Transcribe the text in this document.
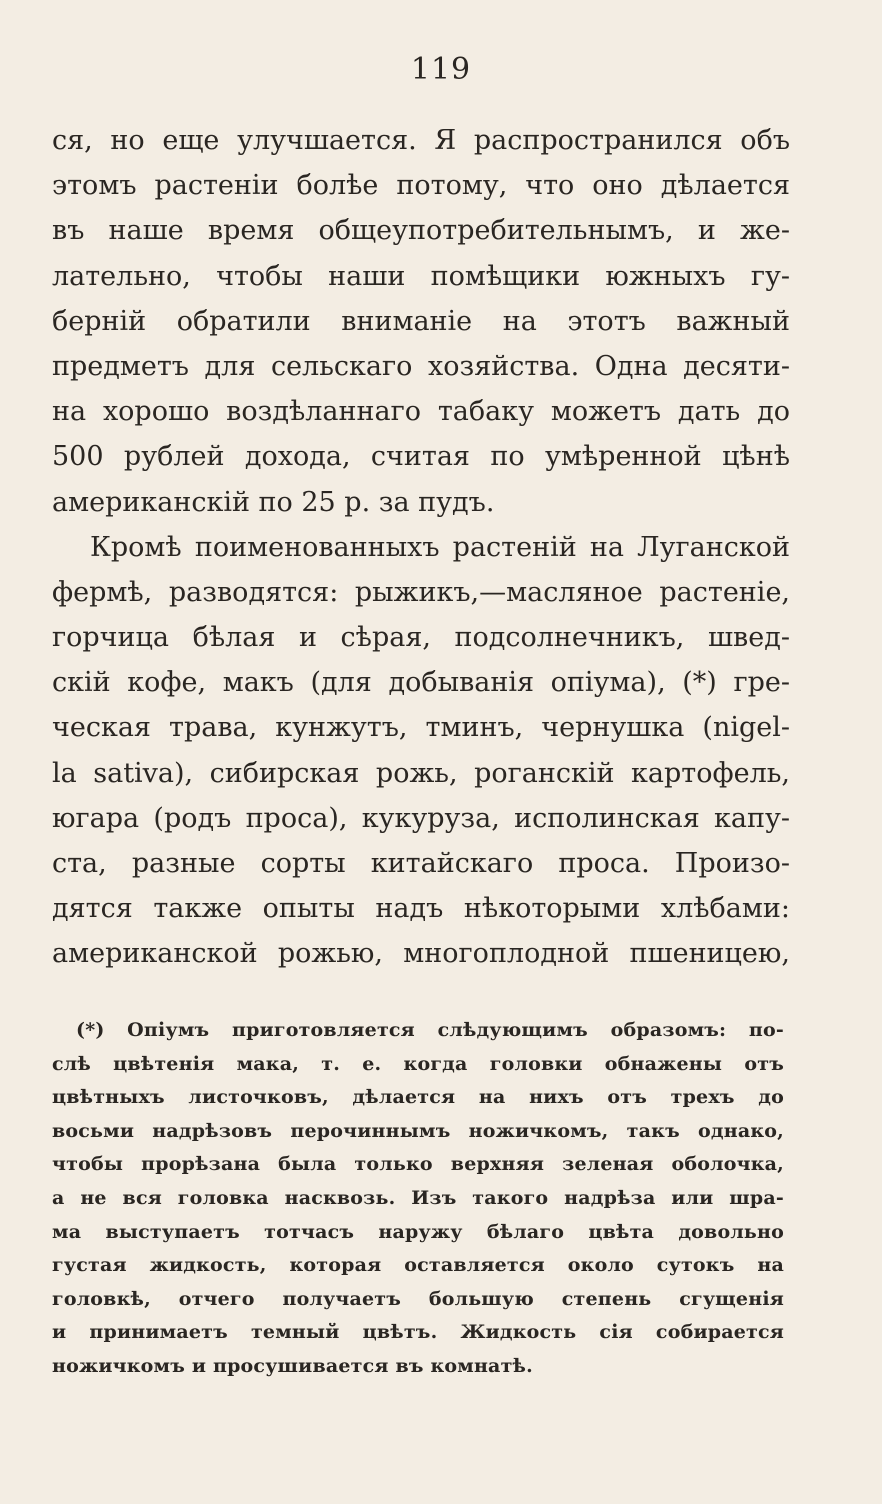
119
ся, но еще улучшается. Я распространился объ
этомъ растеніи болѣе потому, что оно дѣлается
въ наше время общеупотребительнымъ, и же-
лательно, чтобы наши помѣщики южныхъ гу-
берній обратили вниманіе на этотъ важный
предметъ для сельскаго хозяйства. Одна десяти-
на хорошо воздѣланнаго табаку можетъ дать до
500 рублей дохода, считая по умѣренной цѣнѣ
американскій по 25 р. за пудъ.
Кромѣ поименованныхъ растеній на Луганской
фермѣ, разводятся: рыжикъ,—масляное растеніе,
горчица бѣлая и сѣрая, подсолнечникъ, швед-
скій кофе, макъ (для добыванія опіума), (*) гре-
ческая трава, кунжутъ, тминъ, чернушка (nigel-
la sativa), сибирская рожь, роганскій картофель,
югара (родъ проса), кукуруза, исполинская капу-
ста, разные сорты китайскаго проса. Произо-
дятся также опыты надъ нѣкоторыми хлѣбами:
американской рожью, многоплодной пшеницею,
(*) Опіумъ приготовляется слѣдующимъ образомъ: по-
слѣ цвѣтенія мака, т. е. когда головки обнажены отъ
цвѣтныхъ листочковъ, дѣлается на нихъ отъ трехъ до
восьми надрѣзовъ перочиннымъ ножичкомъ, такъ однако,
чтобы прорѣзана была только верхняя зеленая оболочка,
а не вся головка насквозь. Изъ такого надрѣза или шра-
ма выступаетъ тотчасъ наружу бѣлаго цвѣта довольно
густая жидкость, которая оставляется около сутокъ на
головкѣ, отчего получаетъ большую степень сгущенія
и принимаетъ темный цвѣтъ. Жидкость сія собирается
ножичкомъ и просушивается въ комнатѣ.
